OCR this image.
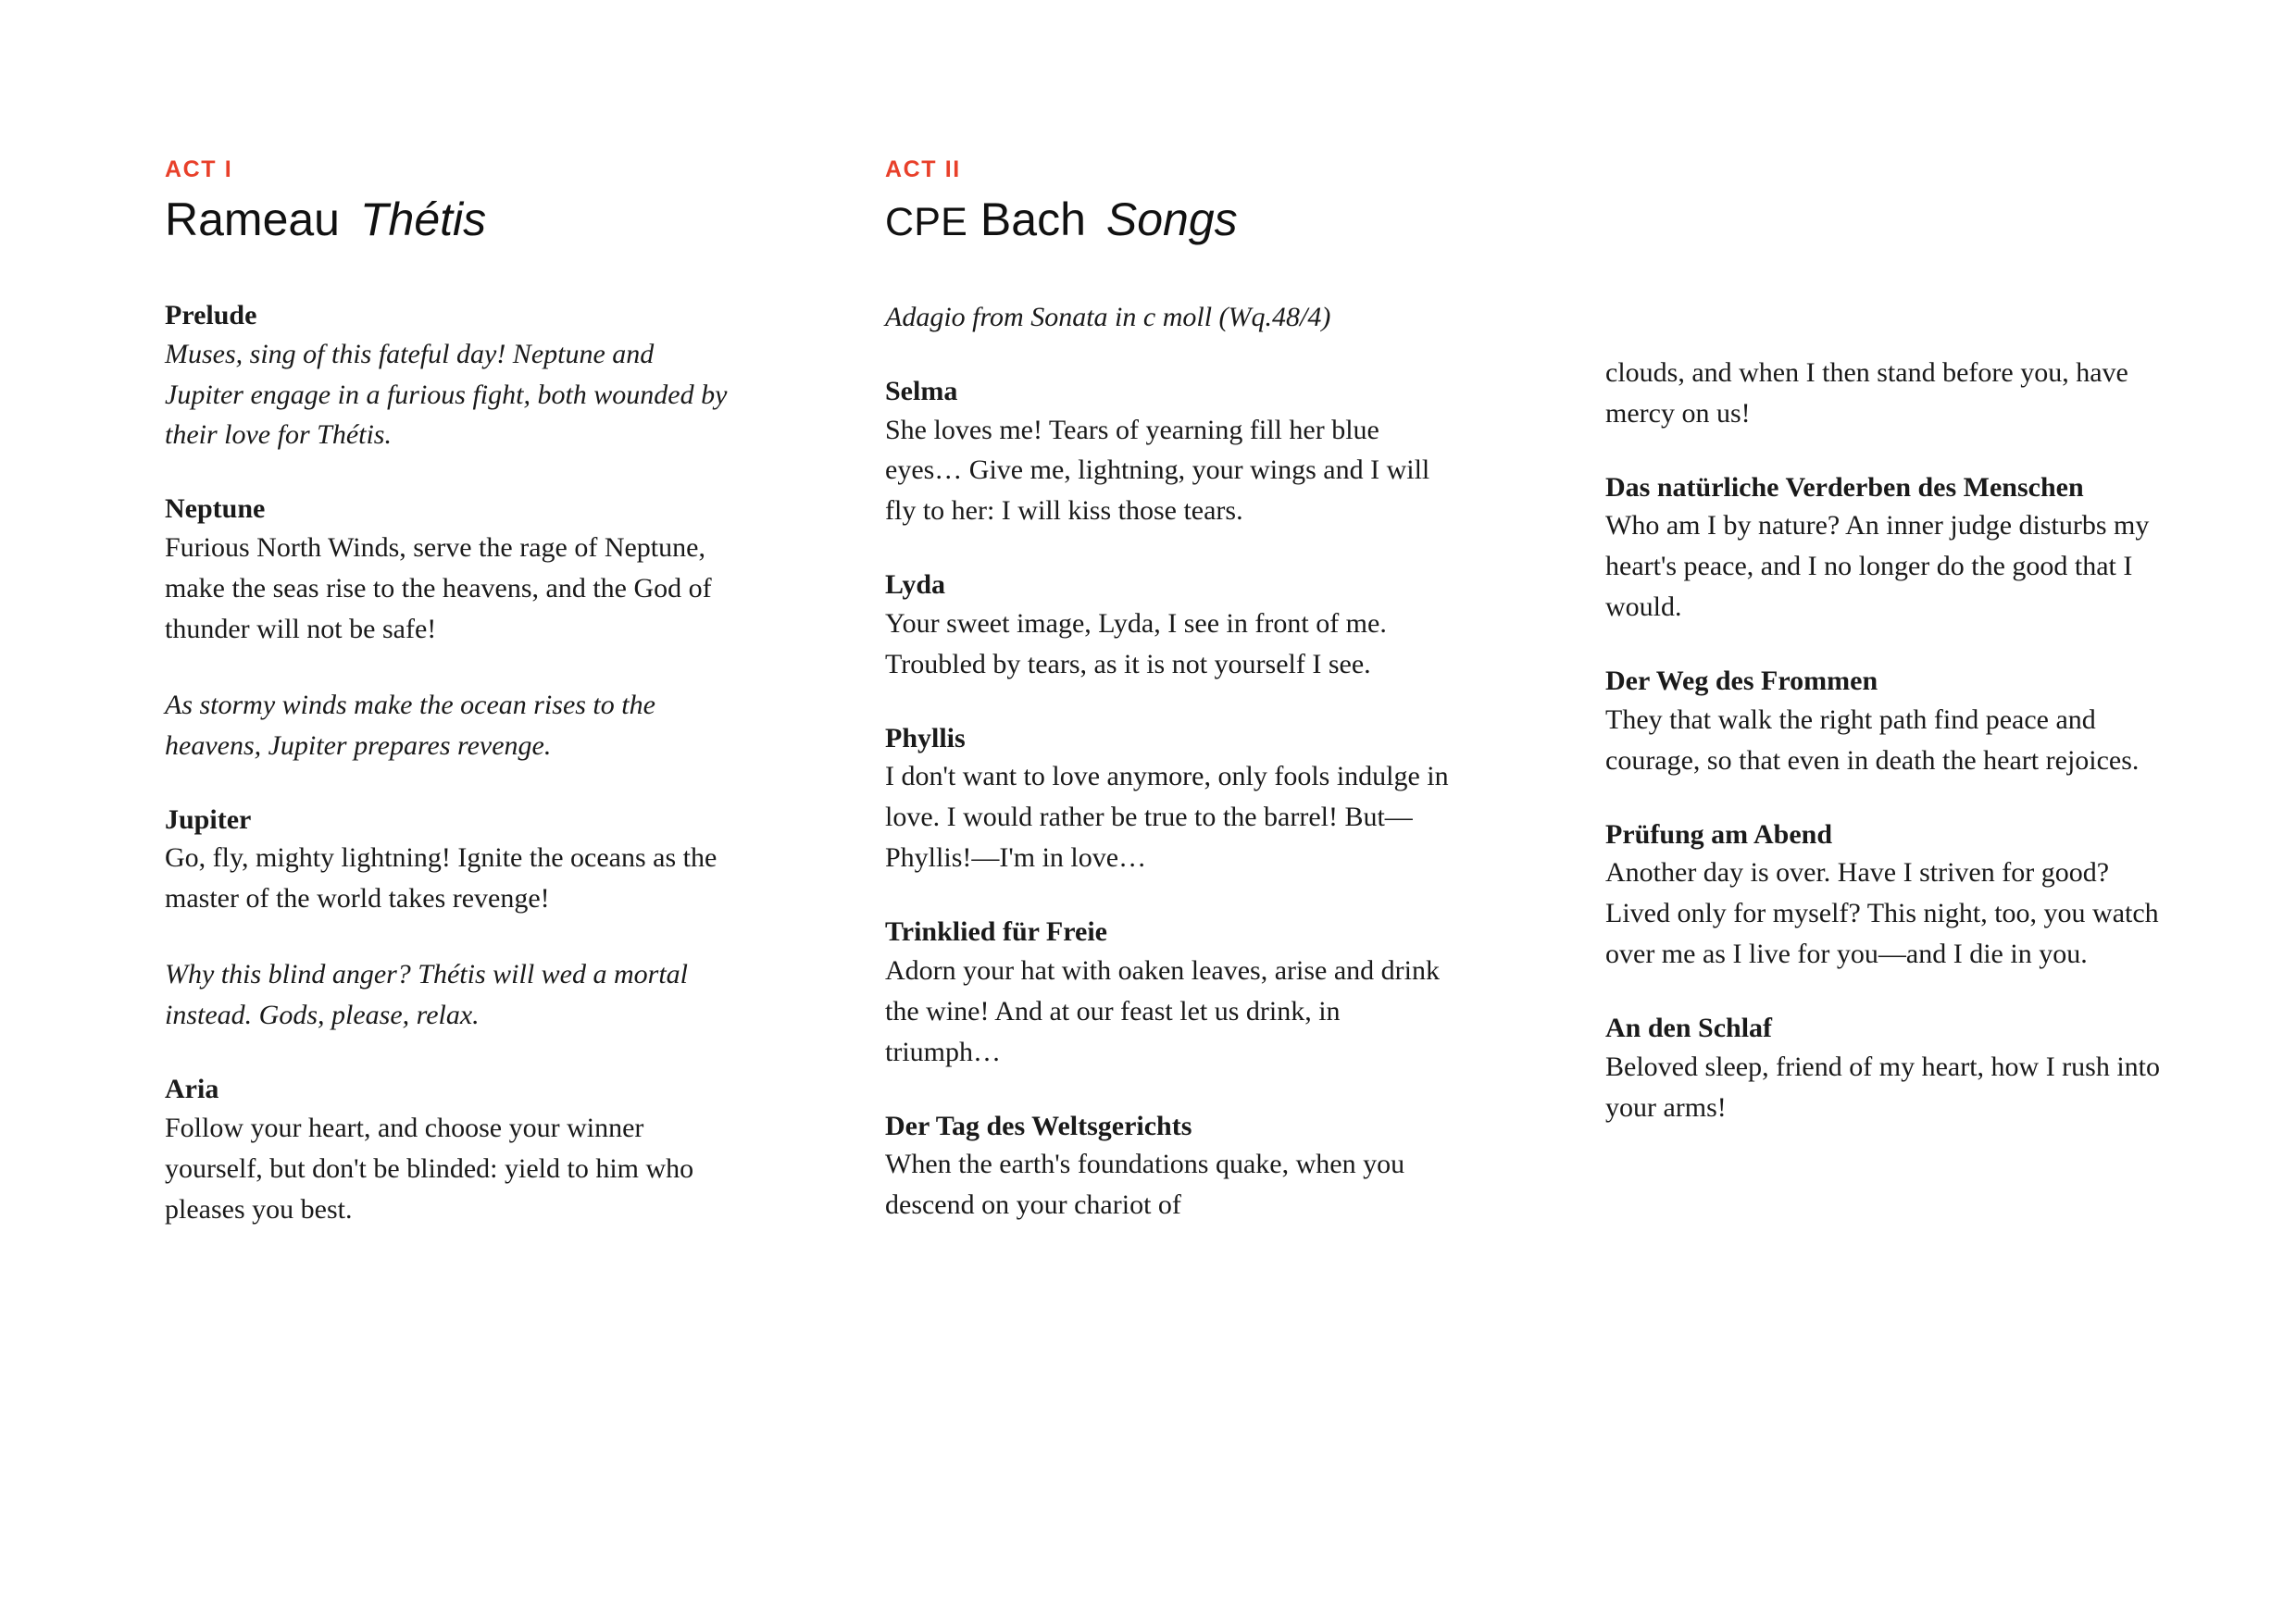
ACT I
Rameau Thétis
Prelude
Muses, sing of this fateful day! Neptune and Jupiter engage in a furious fight, both wounded by their love for Thétis.
Neptune
Furious North Winds, serve the rage of Neptune, make the seas rise to the heavens, and the God of thunder will not be safe!
As stormy winds make the ocean rises to the heavens, Jupiter prepares revenge.
Jupiter
Go, fly, mighty lightning! Ignite the oceans as the master of the world takes revenge!
Why this blind anger? Thétis will wed a mortal instead. Gods, please, relax.
Aria
Follow your heart, and choose your winner yourself, but don't be blinded: yield to him who pleases you best.
ACT II
CPE Bach Songs
Adagio from Sonata in c moll (Wq.48/4)
Selma
She loves me! Tears of yearning fill her blue eyes… Give me, lightning, your wings and I will fly to her: I will kiss those tears.
Lyda
Your sweet image, Lyda, I see in front of me. Troubled by tears, as it is not yourself I see.
Phyllis
I don't want to love anymore, only fools indulge in love. I would rather be true to the barrel! But—Phyllis!—I'm in love…
Trinklied für Freie
Adorn your hat with oaken leaves, arise and drink the wine! And at our feast let us drink, in triumph…
Der Tag des Weltsgerichts
When the earth's foundations quake, when you descend on your chariot of
clouds, and when I then stand before you, have mercy on us!
Das natürliche Verderben des Menschen
Who am I by nature? An inner judge disturbs my heart's peace, and I no longer do the good that I would.
Der Weg des Frommen
They that walk the right path find peace and courage, so that even in death the heart rejoices.
Prüfung am Abend
Another day is over. Have I striven for good? Lived only for myself? This night, too, you watch over me as I live for you—and I die in you.
An den Schlaf
Beloved sleep, friend of my heart, how I rush into your arms!
